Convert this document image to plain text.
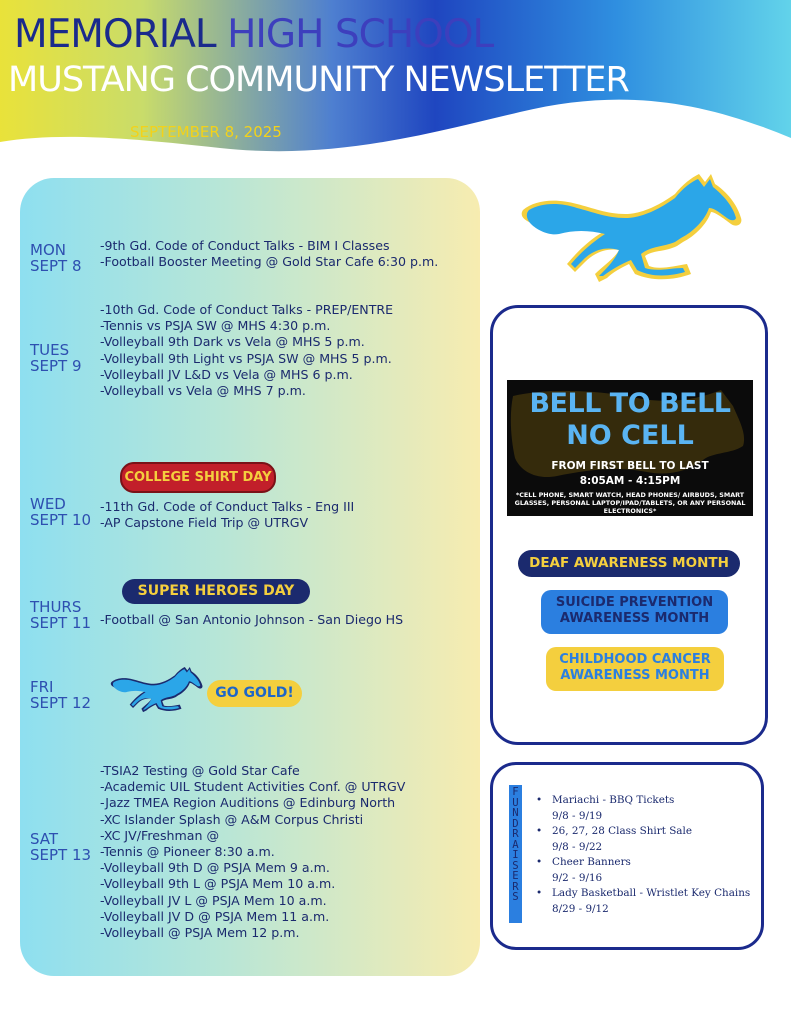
MEMORIAL HIGH SCHOOL
MUSTANG COMMUNITY NEWSLETTER
SEPTEMBER 8, 2025
MON
SEPT 8
-9th Gd. Code of Conduct Talks - BIM I Classes
-Football Booster Meeting @ Gold Star Cafe 6:30 p.m.
TUES
SEPT 9
-10th Gd. Code of Conduct Talks - PREP/ENTRE
-Tennis vs PSJA SW @ MHS 4:30 p.m.
-Volleyball 9th Dark vs Vela @ MHS 5 p.m.
-Volleyball 9th Light vs PSJA SW @ MHS 5 p.m.
-Volleyball JV L&D vs Vela @ MHS 6 p.m.
-Volleyball vs Vela @ MHS 7 p.m.
COLLEGE SHIRT DAY
WED
SEPT 10
-11th Gd. Code of Conduct Talks - Eng III
-AP Capstone Field Trip @ UTRGV
SUPER HEROES DAY
THURS
SEPT 11 -Football @ San Antonio Johnson - San Diego HS
FRI
SEPT 12
GO GOLD!
SAT
SEPT 13
-TSIA2 Testing @ Gold Star Cafe
-Academic UIL Student Activities Conf. @ UTRGV
-Jazz TMEA Region Auditions @ Edinburg North
-XC Islander Splash @ A&M Corpus Christi
-XC JV/Freshman @
-Tennis @ Pioneer 8:30 a.m.
-Volleyball 9th D @ PSJA Mem 9 a.m.
-Volleyball 9th L @ PSJA Mem 10 a.m.
-Volleyball JV L @ PSJA Mem 10 a.m.
-Volleyball JV D @ PSJA Mem 11 a.m.
-Volleyball @ PSJA Mem 12 p.m.
BELL TO BELL
NO CELL
FROM FIRST BELL TO LAST
8:05AM - 4:15PM
*CELL PHONE, SMART WATCH, HEAD PHONES/ AIRBUDS, SMART GLASSES, PERSONAL LAPTOP/IPAD/TABLETS, OR ANY PERSONAL ELECTRONICS*
DEAF AWARENESS MONTH
SUICIDE PREVENTION
AWARENESS MONTH
CHILDHOOD CANCER
AWARENESS MONTH
F
U
N
D
R
A
I
S
E
R
S
• Mariachi - BBQ Tickets
9/8 - 9/19
• 26, 27, 28 Class Shirt Sale
9/8 - 9/22
• Cheer Banners
9/2 - 9/16
• Lady Basketball - Wristlet Key Chains
8/29 - 9/12
